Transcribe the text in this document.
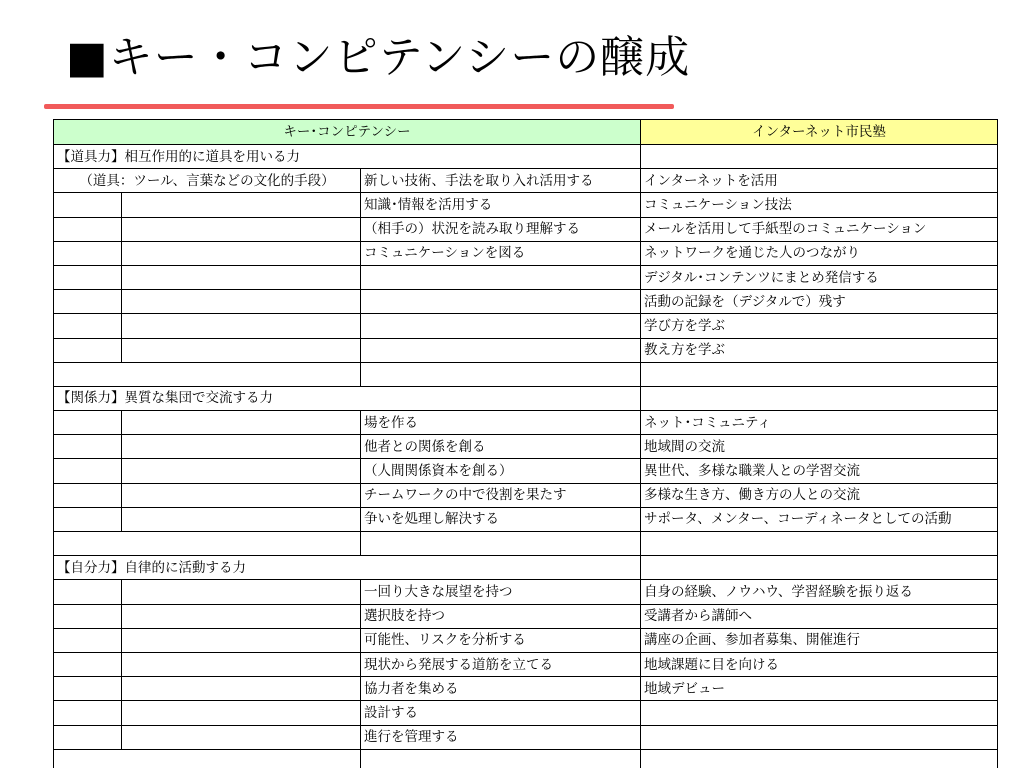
■キー・コンピテンシーの醸成
キー･コンピテンシー			インターネット市民塾
【道具力】相互作用的に道具を用いる力			
（道具：ツール、言葉などの文化的手段）		新しい技術、手法を取り入れ活用する	インターネットを活用
		知識･情報を活用する	コミュニケーション技法
		（相手の）状況を読み取り理解する	メールを活用して手紙型のコミュニケーション
		コミュニケーションを図る	ネットワークを通じた人のつながり
			デジタル･コンテンツにまとめ発信する
			活動の記録を（デジタルで）残す
			学び方を学ぶ
			教え方を学ぶ

【関係力】異質な集団で交流する力			
		場を作る	ネット･コミュニティ
		他者との関係を創る	地域間の交流
		（人間関係資本を創る）	異世代、多様な職業人との学習交流
		チームワークの中で役割を果たす	多様な生き方、働き方の人との交流
		争いを処理し解決する	サポータ、メンター、コーディネータとしての活動

【自分力】自律的に活動する力			
		一回り大きな展望を持つ	自身の経験、ノウハウ、学習経験を振り返る
		選択肢を持つ	受講者から講師へ
		可能性、リスクを分析する	講座の企画、参加者募集、開催進行
		現状から発展する道筋を立てる	地域課題に目を向ける
		協力者を集める	地域デビュー
		設計する	
		進行を管理する	
